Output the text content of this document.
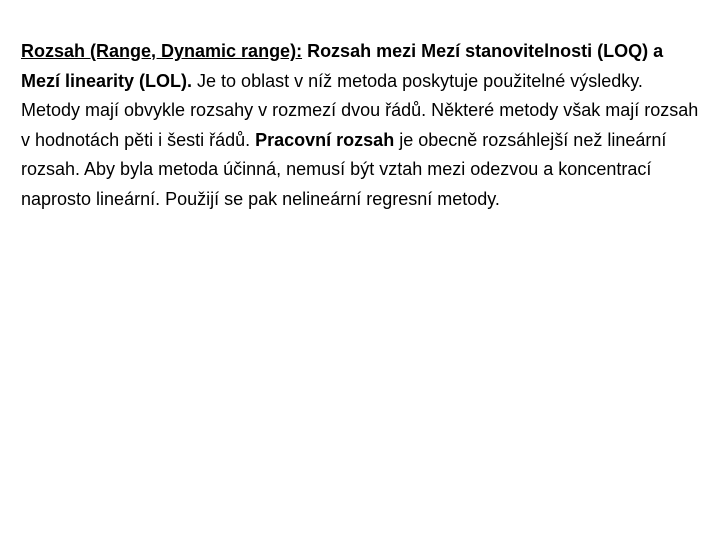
Rozsah (Range, Dynamic range): Rozsah mezi Mezí stanovitelnosti (LOQ) a Mezí linearity (LOL). Je to oblast v níž metoda poskytuje použitelné výsledky. Metody mají obvykle rozsahy v rozmezí dvou řádů. Některé metody však mají rozsah v hodnotách pěti i šesti řádů. Pracovní rozsah je obecně rozsáhlejší než lineární rozsah. Aby byla metoda účinná, nemusí být vztah mezi odezvou a koncentrací naprosto lineární. Použijí se pak nelineární regresní metody.
